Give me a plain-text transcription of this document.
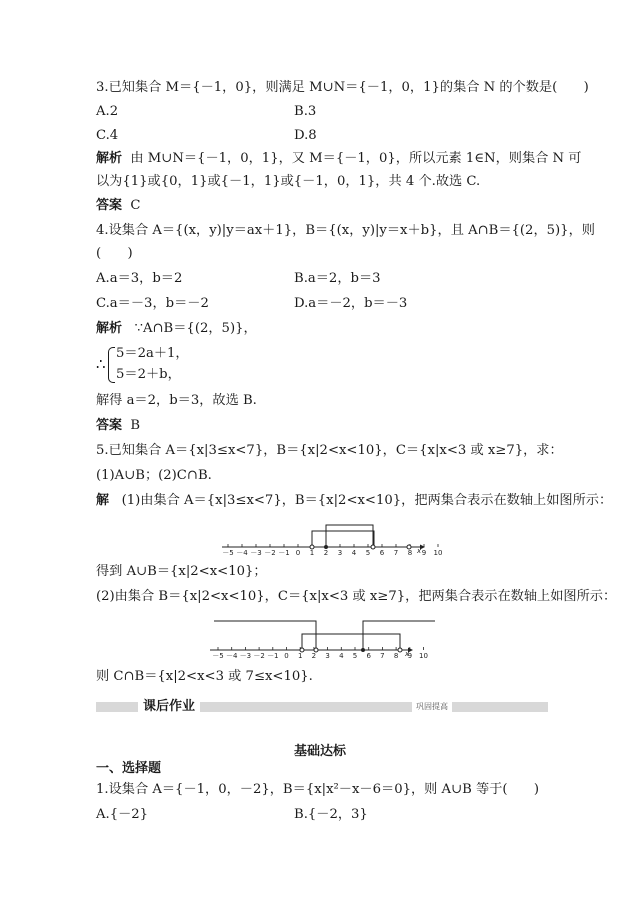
3.已知集合 M＝{－1，0}，则满足 M∪N＝{－1，0，1}的集合 N 的个数是(　　)
A.2	B.3
C.4	D.8
解析 由 M∪N＝{－1，0，1}，又 M＝{－1，0}，所以元素 1∈N，则集合 N 可
以为{1}或{0，1}或{－1，1}或{－1，0，1}，共 4 个.故选 C.
答案 C
4.设集合 A＝{(x，y)|y＝ax＋1}，B＝{(x，y)|y＝x＋b}，且 A∩B＝{(2，5)}，则
(　　)
A.a＝3，b＝2	B.a＝2，b＝3
C.a＝－3，b＝－2	D.a＝－2，b＝－3
解析 ∵A∩B＝{(2，5)}，
∴
5＝2a＋1，
5＝2＋b，
解得 a＝2，b＝3，故选 B.
答案 B
5.已知集合 A＝{x|3≤x<7}，B＝{x|2<x<10}，C＝{x|x<3 或 x≥7}，求：
(1)A∪B；(2)C∩B.
解 (1)由集合 A＝{x|3≤x<7}，B＝{x|2<x<10}，把两集合表示在数轴上如图所示：
－5 －4 －3 －2 －1 0 1 2 3 4 5 6 7 8 9 10
x
得到 A∪B＝{x|2<x<10}；
(2)由集合 B＝{x|2<x<10}，C＝{x|x<3 或 x≥7}，把两集合表示在数轴上如图所示：
－5 －4 －3 －2 －1 0 1 2 3 4 5 6 7 8 9 10
x
则 C∩B＝{x|2<x<3 或 7≤x<10}.
课后作业	巩固提高
基础达标
一、选择题
1.设集合 A＝{－1，0，－2}，B＝{x|x²－x－6＝0}，则 A∪B 等于(　　)
A.{－2}	B.{－2，3}
